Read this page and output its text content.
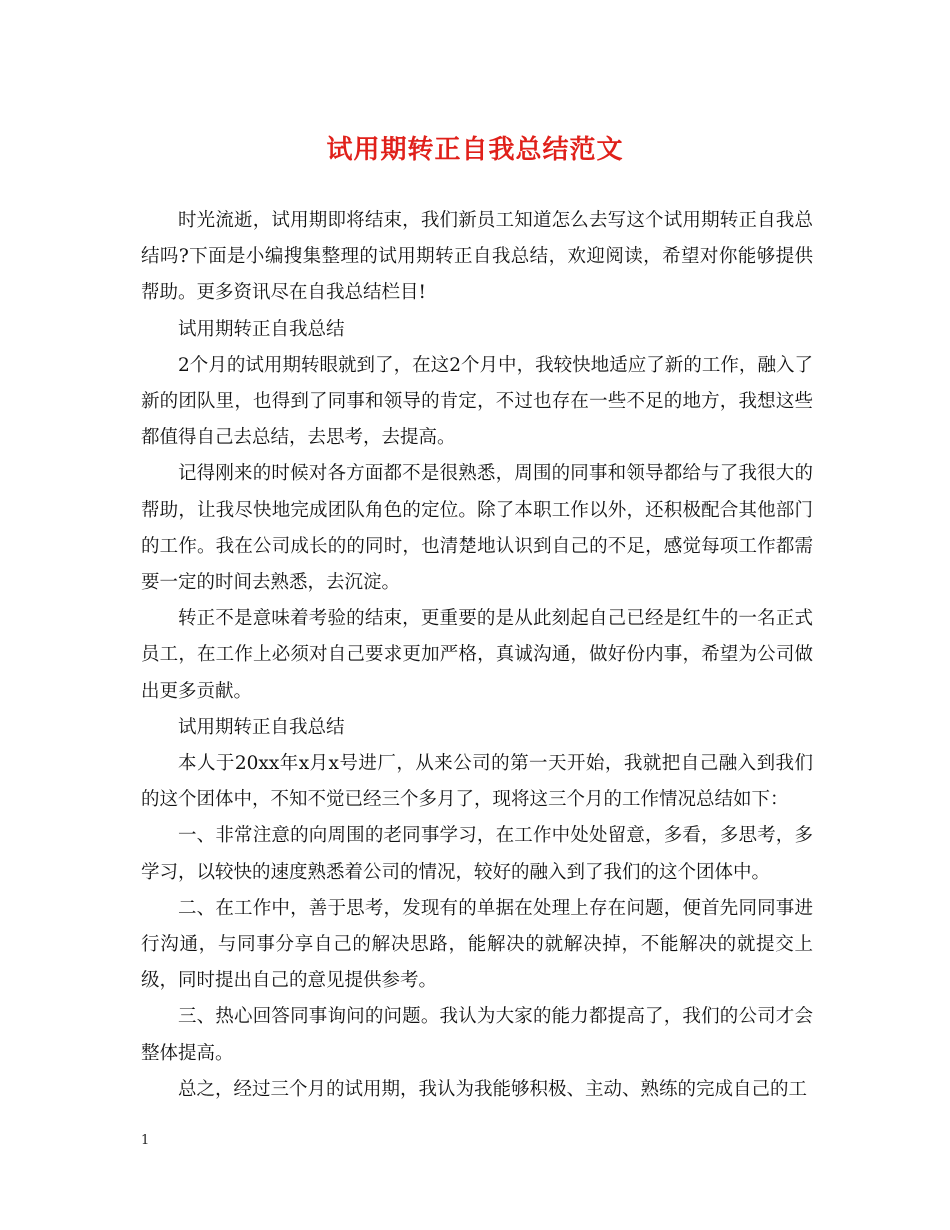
试用期转正自我总结范文

时光流逝，试用期即将结束，我们新员工知道怎么去写这个试用期转正自我总结吗?下面是小编搜集整理的试用期转正自我总结，欢迎阅读，希望对你能够提供帮助。更多资讯尽在自我总结栏目!

试用期转正自我总结

2个月的试用期转眼就到了，在这2个月中，我较快地适应了新的工作，融入了新的团队里，也得到了同事和领导的肯定，不过也存在一些不足的地方，我想这些都值得自己去总结，去思考，去提高。

记得刚来的时候对各方面都不是很熟悉，周围的同事和领导都给与了我很大的帮助，让我尽快地完成团队角色的定位。除了本职工作以外，还积极配合其他部门的工作。我在公司成长的的同时，也清楚地认识到自己的不足，感觉每项工作都需要一定的时间去熟悉，去沉淀。

转正不是意味着考验的结束，更重要的是从此刻起自己已经是红牛的一名正式员工，在工作上必须对自己要求更加严格，真诚沟通，做好份内事，希望为公司做出更多贡献。

试用期转正自我总结

本人于20xx年x月x号进厂，从来公司的第一天开始，我就把自己融入到我们的这个团体中，不知不觉已经三个多月了，现将这三个月的工作情况总结如下：

一、非常注意的向周围的老同事学习，在工作中处处留意，多看，多思考，多学习，以较快的速度熟悉着公司的情况，较好的融入到了我们的这个团体中。

二、在工作中，善于思考，发现有的单据在处理上存在问题，便首先同同事进行沟通，与同事分享自己的解决思路，能解决的就解决掉，不能解决的就提交上级，同时提出自己的意见提供参考。

三、热心回答同事询问的问题。我认为大家的能力都提高了，我们的公司才会整体提高。

总之，经过三个月的试用期，我认为我能够积极、主动、熟练的完成自己的工

1
